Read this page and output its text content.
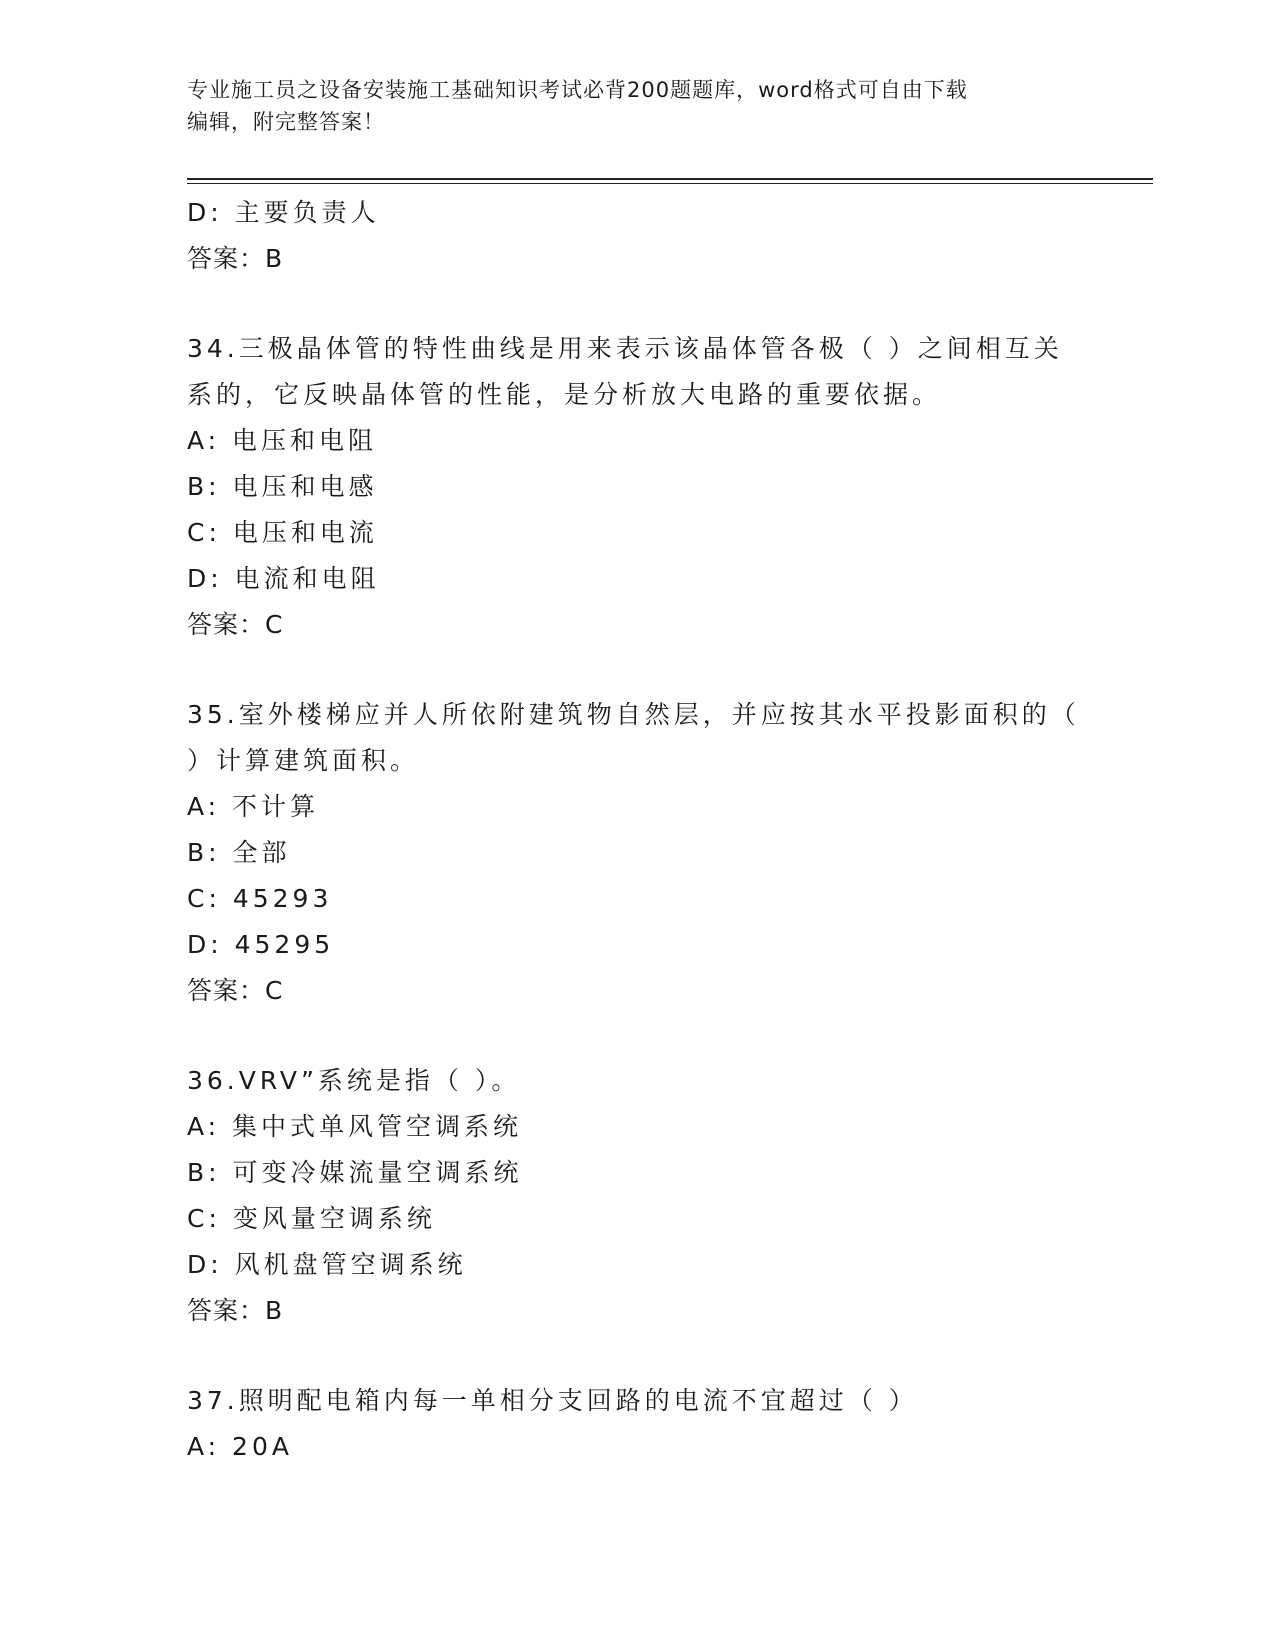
专业施工员之设备安装施工基础知识考试必背200题题库，word格式可自由下载
编辑，附完整答案！
D: 主要负责人
答案：B
34.三极晶体管的特性曲线是用来表示该晶体管各极（ ）之间相互关
系的，它反映晶体管的性能，是分析放大电路的重要依据。
A: 电压和电阻
B: 电压和电感
C: 电压和电流
D: 电流和电阻
答案：C
35.室外楼梯应并人所依附建筑物自然层，并应按其水平投影面积的（
）计算建筑面积。
A: 不计算
B: 全部
C: 45293
D: 45295
答案：C
36.VRV”系统是指（ ）。
A: 集中式单风管空调系统
B: 可变冷媒流量空调系统
C: 变风量空调系统
D: 风机盘管空调系统
答案：B
37.照明配电箱内每一单相分支回路的电流不宜超过（ ）
A: 20A
